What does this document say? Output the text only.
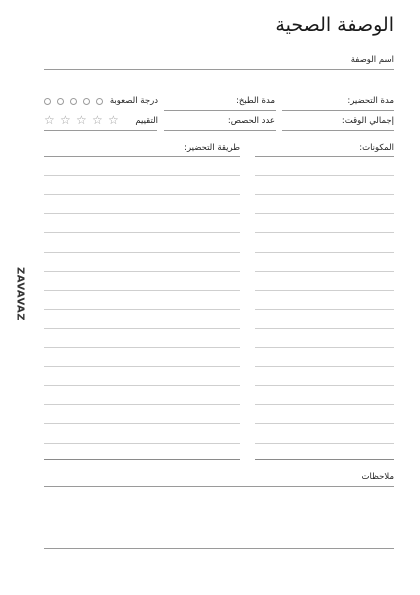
الوصفة الصحية
اسم الوصفة
مدة التحضير:
مدة الطبخ:
درجة الصعوبة
إجمالي الوقت:
عدد الحصص:
التقييم
☆ ☆ ☆ ☆ ☆
المكونات:
طريقة التحضير:
ملاحظات
ZAVAVAZ
